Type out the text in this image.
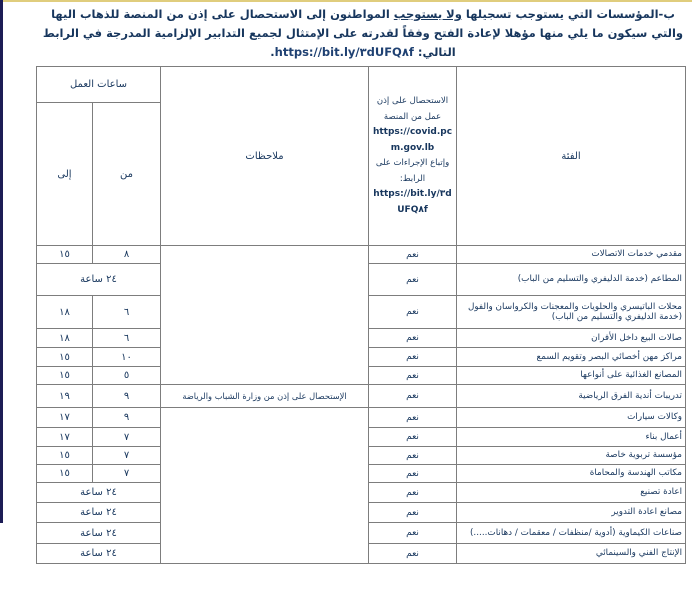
ب-المؤسسات التي يستوجب تسجيلها ولا يستوجب المواطنون إلى الاستحصال على إذن من المنصة للذهاب اليها والتي سيكون ما يلي منها مؤهلا لإعادة الفتح وفقاً لقدرته على الإمتثال لجميع التدابير الإلزامية المدرجة في الرابط التالي: https://bit.ly/٣dUFQ٨f.
الفئة	الاستحصال على إذن عمل من المنصة
https://covid.pcm.gov.lb
وإتباع الإجراءات على الرابط:
https://bit.ly/٣dUFQ٨f	ملاحظات	ساعات العمل	
			من	إلى
مقدمي خدمات الاتصالات	نعم		٨	١٥
المطاعم (خدمة الدليفري والتسليم من الباب)	نعم		٢٤ ساعة	
محلات الباتيسري والحلويات والمعجنات والكرواسان والفول (خدمة الدليفري والتسليم من الباب)	نعم		٦	١٨
صالات البيع داخل الأفران	نعم		٦	١٨
مراكز مهن أخصائي البصر وتقويم السمع	نعم		١٠	١٥
المصانع الغذائية على أنواعها	نعم		٥	١٥
تدريبات أندية الفرق الرياضية	نعم	الإستحصال على إذن من وزارة الشباب والرياضة	٩	١٩
وكالات سيارات	نعم		٩	١٧
أعمال بناء	نعم		٧	١٧
مؤسسة تربوية خاصة	نعم		٧	١٥
مكاتب الهندسة والمحاماة	نعم		٧	١٥
اعادة تصنيع	نعم		٢٤ ساعة	
مصانع اعادة التدوير	نعم		٢٤ ساعة	
صناعات الكيماوية (أدوية /منظفات / معقمات / دهانات.....)	نعم		٢٤ ساعة	
الإنتاج الفني والسينمائي	نعم		٢٤ ساعة	
